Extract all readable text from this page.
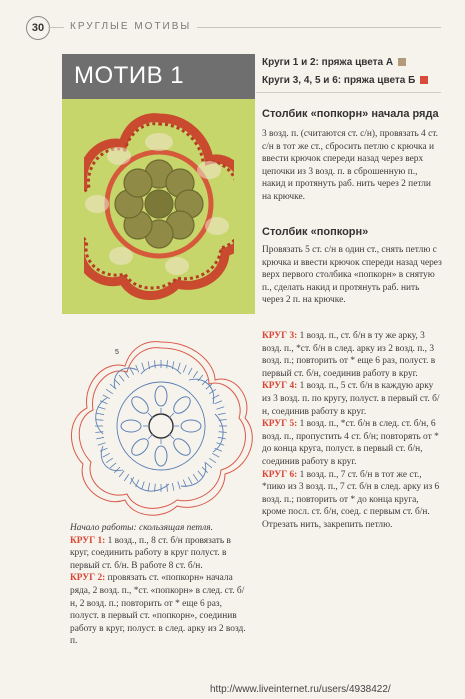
30	КРУГЛЫЕ МОТИВЫ
МОТИВ 1	Круги 1 и 2: пряжа цвета А
Круги 3, 4, 5 и 6: пряжа цвета Б
Столбик «попкорн» начала ряда
3 возд. п. (считаются ст. с/н), провязать 4 ст. с/н в тот же ст., сбросить петлю с крючка и ввести крючок спереди назад через верх цепочки из 3 возд. п. в сброшенную п., накид и протянуть раб. нить через 2 петли на крючке.
Столбик «попкорн»
Провязать 5 ст. с/н в один ст., снять петлю с крючка и ввести крючок спереди назад через верх первого столбика «попкорн» в снятую п., сделать накид и протянуть раб. нить через 2 п. на крючке.
5
Начало работы: скользящая петля.
КРУГ 1: 1 возд., п., 8 ст. б/н провязать в круг, соединить работу в круг полуст. в первый ст. б/н. В работе 8 ст. б/н.
КРУГ 2: провязать ст. «попкорн» начала ряда, 2 возд. п., *ст. «попкорн» в след. ст. б/н, 2 возд. п.; повторить от * еще 6 раз, полуст. в первый ст. «попкорн», соединив работу в круг, полуст. в след. арку из 2 возд. п.
КРУГ 3: 1 возд. п., ст. б/н в ту же арку, 3 возд. п., *ст. б/н в след. арку из 2 возд. п., 3 возд. п.; повторить от * еще 6 раз, полуст. в первый ст. б/н, соединив работу в круг.
КРУГ 4: 1 возд. п., 5 ст. б/н в каждую арку из 3 возд. п. по кругу, полуст. в первый ст. б/н, соединив работу в круг.
КРУГ 5: 1 возд. п., *ст. б/н в след. ст. б/н, 6 возд. п., пропустить 4 ст. б/н; повторять от * до конца круга, полуст. в первый ст. б/н, соединив работу в круг.
КРУГ 6: 1 возд. п., 7 ст. б/н в тот же ст., *пико из 3 возд. п., 7 ст. б/н в след. арку из 6 возд. п.; повторить от * до конца круга, кроме посл. ст. б/н, соед. с первым ст. б/н. Отрезать нить, закрепить петлю.
http://www.liveinternet.ru/users/4938422/
